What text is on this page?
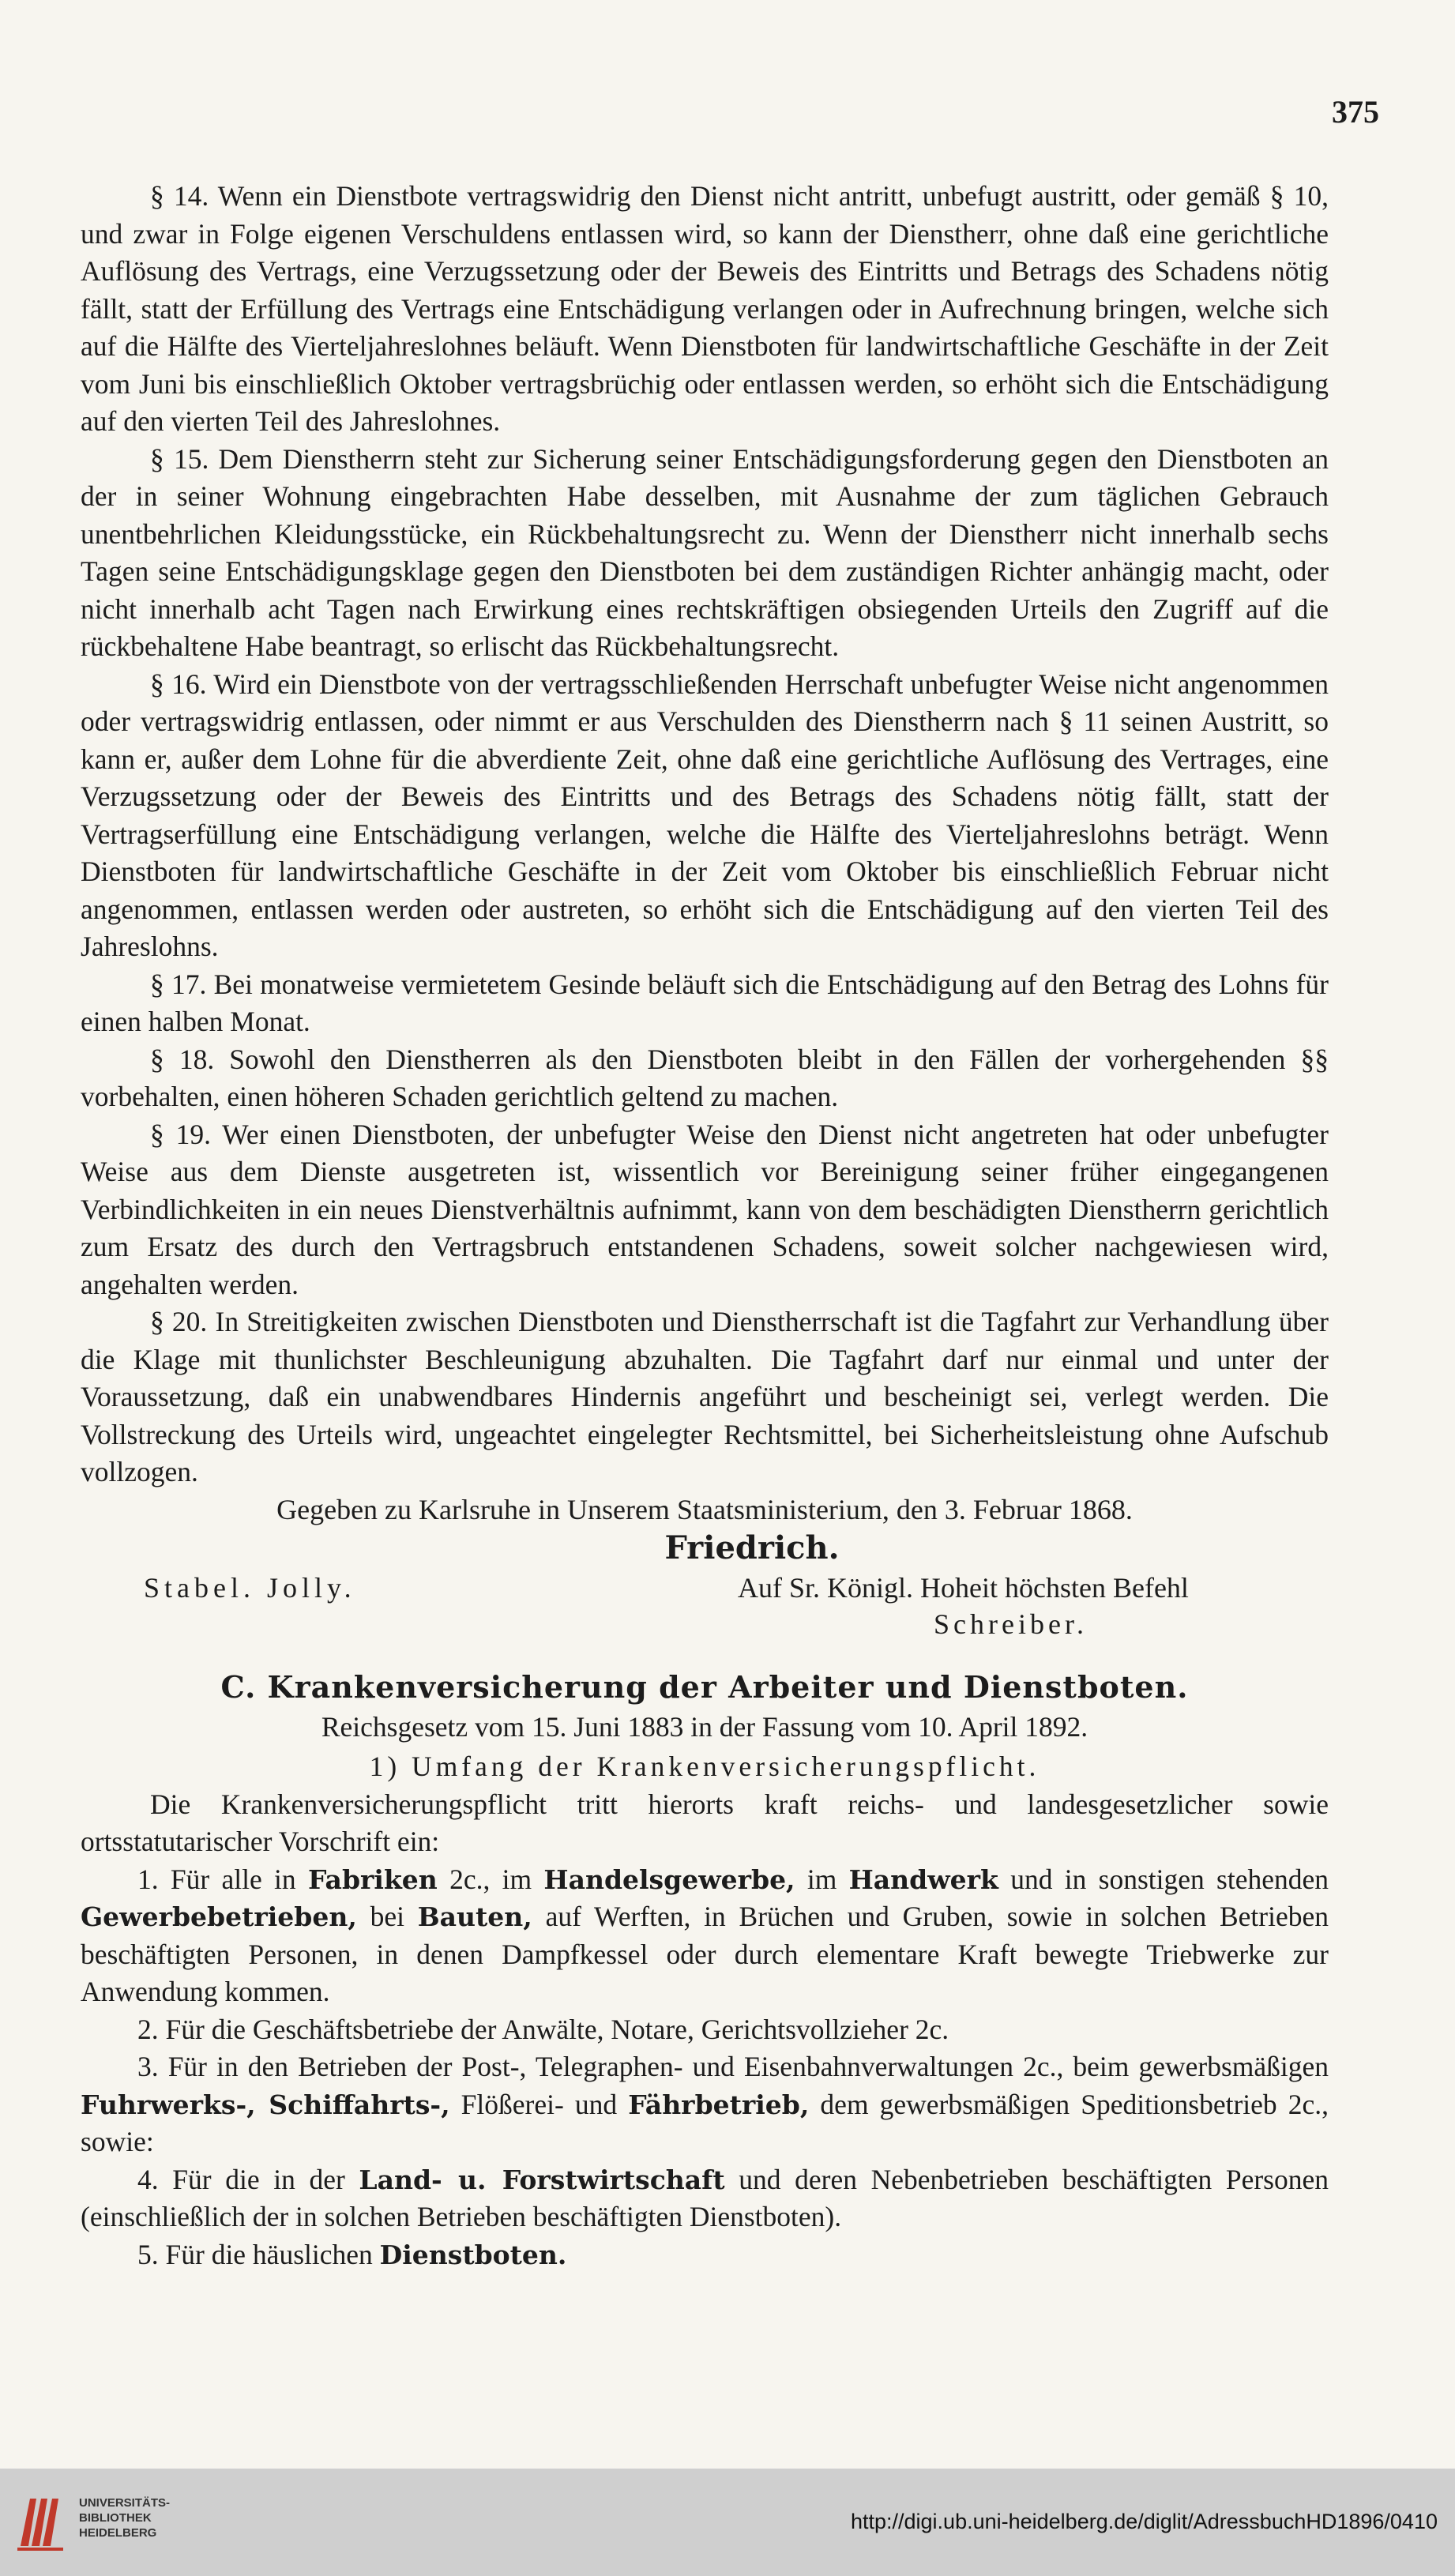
375

§ 14. Wenn ein Dienstbote vertragswidrig den Dienst nicht antritt, unbefugt austritt, oder gemäß § 10, und zwar in Folge eigenen Verschuldens entlassen wird, so kann der Dienstherr, ohne daß eine gerichtliche Auflösung des Vertrags, eine Verzugssetzung oder der Beweis des Eintritts und Betrags des Schadens nötig fällt, statt der Erfüllung des Vertrags eine Entschädigung verlangen oder in Aufrechnung bringen, welche sich auf die Hälfte des Vierteljahreslohnes beläuft. Wenn Dienstboten für landwirtschaftliche Geschäfte in der Zeit vom Juni bis einschließlich Oktober vertragsbrüchig oder entlassen werden, so erhöht sich die Entschädigung auf den vierten Teil des Jahreslohnes.

§ 15. Dem Dienstherrn steht zur Sicherung seiner Entschädigungsforderung gegen den Dienstboten an der in seiner Wohnung eingebrachten Habe desselben, mit Ausnahme der zum täglichen Gebrauch unentbehrlichen Kleidungsstücke, ein Rückbehaltungsrecht zu. Wenn der Dienstherr nicht innerhalb sechs Tagen seine Entschädigungsklage gegen den Dienstboten bei dem zuständigen Richter anhängig macht, oder nicht innerhalb acht Tagen nach Erwirkung eines rechtskräftigen obsiegenden Urteils den Zugriff auf die rückbehaltene Habe beantragt, so erlischt das Rückbehaltungsrecht.

§ 16. Wird ein Dienstbote von der vertragsschließenden Herrschaft unbefugter Weise nicht angenommen oder vertragswidrig entlassen, oder nimmt er aus Verschulden des Dienstherrn nach § 11 seinen Austritt, so kann er, außer dem Lohne für die abverdiente Zeit, ohne daß eine gerichtliche Auflösung des Vertrages, eine Verzugssetzung oder der Beweis des Eintritts und des Betrags des Schadens nötig fällt, statt der Vertragserfüllung eine Entschädigung verlangen, welche die Hälfte des Vierteljahreslohns beträgt. Wenn Dienstboten für landwirtschaftliche Geschäfte in der Zeit vom Oktober bis einschließlich Februar nicht angenommen, entlassen werden oder austreten, so erhöht sich die Entschädigung auf den vierten Teil des Jahreslohns.

§ 17. Bei monatweise vermietetem Gesinde beläuft sich die Entschädigung auf den Betrag des Lohns für einen halben Monat.

§ 18. Sowohl den Dienstherren als den Dienstboten bleibt in den Fällen der vorhergehenden §§ vorbehalten, einen höheren Schaden gerichtlich geltend zu machen.

§ 19. Wer einen Dienstboten, der unbefugter Weise den Dienst nicht angetreten hat oder unbefugter Weise aus dem Dienste ausgetreten ist, wissentlich vor Bereinigung seiner früher eingegangenen Verbindlichkeiten in ein neues Dienstverhältnis aufnimmt, kann von dem beschädigten Dienstherrn gerichtlich zum Ersatz des durch den Vertragsbruch entstandenen Schadens, soweit solcher nachgewiesen wird, angehalten werden.

§ 20. In Streitigkeiten zwischen Dienstboten und Dienstherrschaft ist die Tagfahrt zur Verhandlung über die Klage mit thunlichster Beschleunigung abzuhalten. Die Tagfahrt darf nur einmal und unter der Voraussetzung, daß ein unabwendbares Hindernis angeführt und bescheinigt sei, verlegt werden. Die Vollstreckung des Urteils wird, ungeachtet eingelegter Rechtsmittel, bei Sicherheitsleistung ohne Aufschub vollzogen.

Gegeben zu Karlsruhe in Unserem Staatsministerium, den 3. Februar 1868.
Friedrich.
Stabel. Jolly.	Auf Sr. Königl. Hoheit höchsten Befehl
Schreiber.
C. Krankenversicherung der Arbeiter und Dienstboten.
Reichsgesetz vom 15. Juni 1883 in der Fassung vom 10. April 1892.
1) Umfang der Krankenversicherungspflicht.

Die Krankenversicherungspflicht tritt hierorts kraft reichs- und landesgesetzlicher sowie ortsstatutarischer Vorschrift ein:

1. Für alle in Fabriken 2c., im Handelsgewerbe, im Handwerk und in sonstigen stehenden Gewerbebetrieben, bei Bauten, auf Werften, in Brüchen und Gruben, sowie in solchen Betrieben beschäftigten Personen, in denen Dampfkessel oder durch elementare Kraft bewegte Triebwerke zur Anwendung kommen.

2. Für die Geschäftsbetriebe der Anwälte, Notare, Gerichtsvollzieher 2c.

3. Für in den Betrieben der Post-, Telegraphen- und Eisenbahnverwaltungen 2c., beim gewerbsmäßigen Fuhrwerks-, Schiffahrts-, Flößerei- und Fährbetrieb, dem gewerbsmäßigen Speditionsbetrieb 2c., sowie:

4. Für die in der Land- u. Forstwirtschaft und deren Nebenbetrieben beschäftigten Personen (einschließlich der in solchen Betrieben beschäftigten Dienstboten).

5. Für die häuslichen Dienstboten.

UNIVERSITÄTS-
BIBLIOTHEK
HEIDELBERG	http://digi.ub.uni-heidelberg.de/diglit/AdressbuchHD1896/0410
